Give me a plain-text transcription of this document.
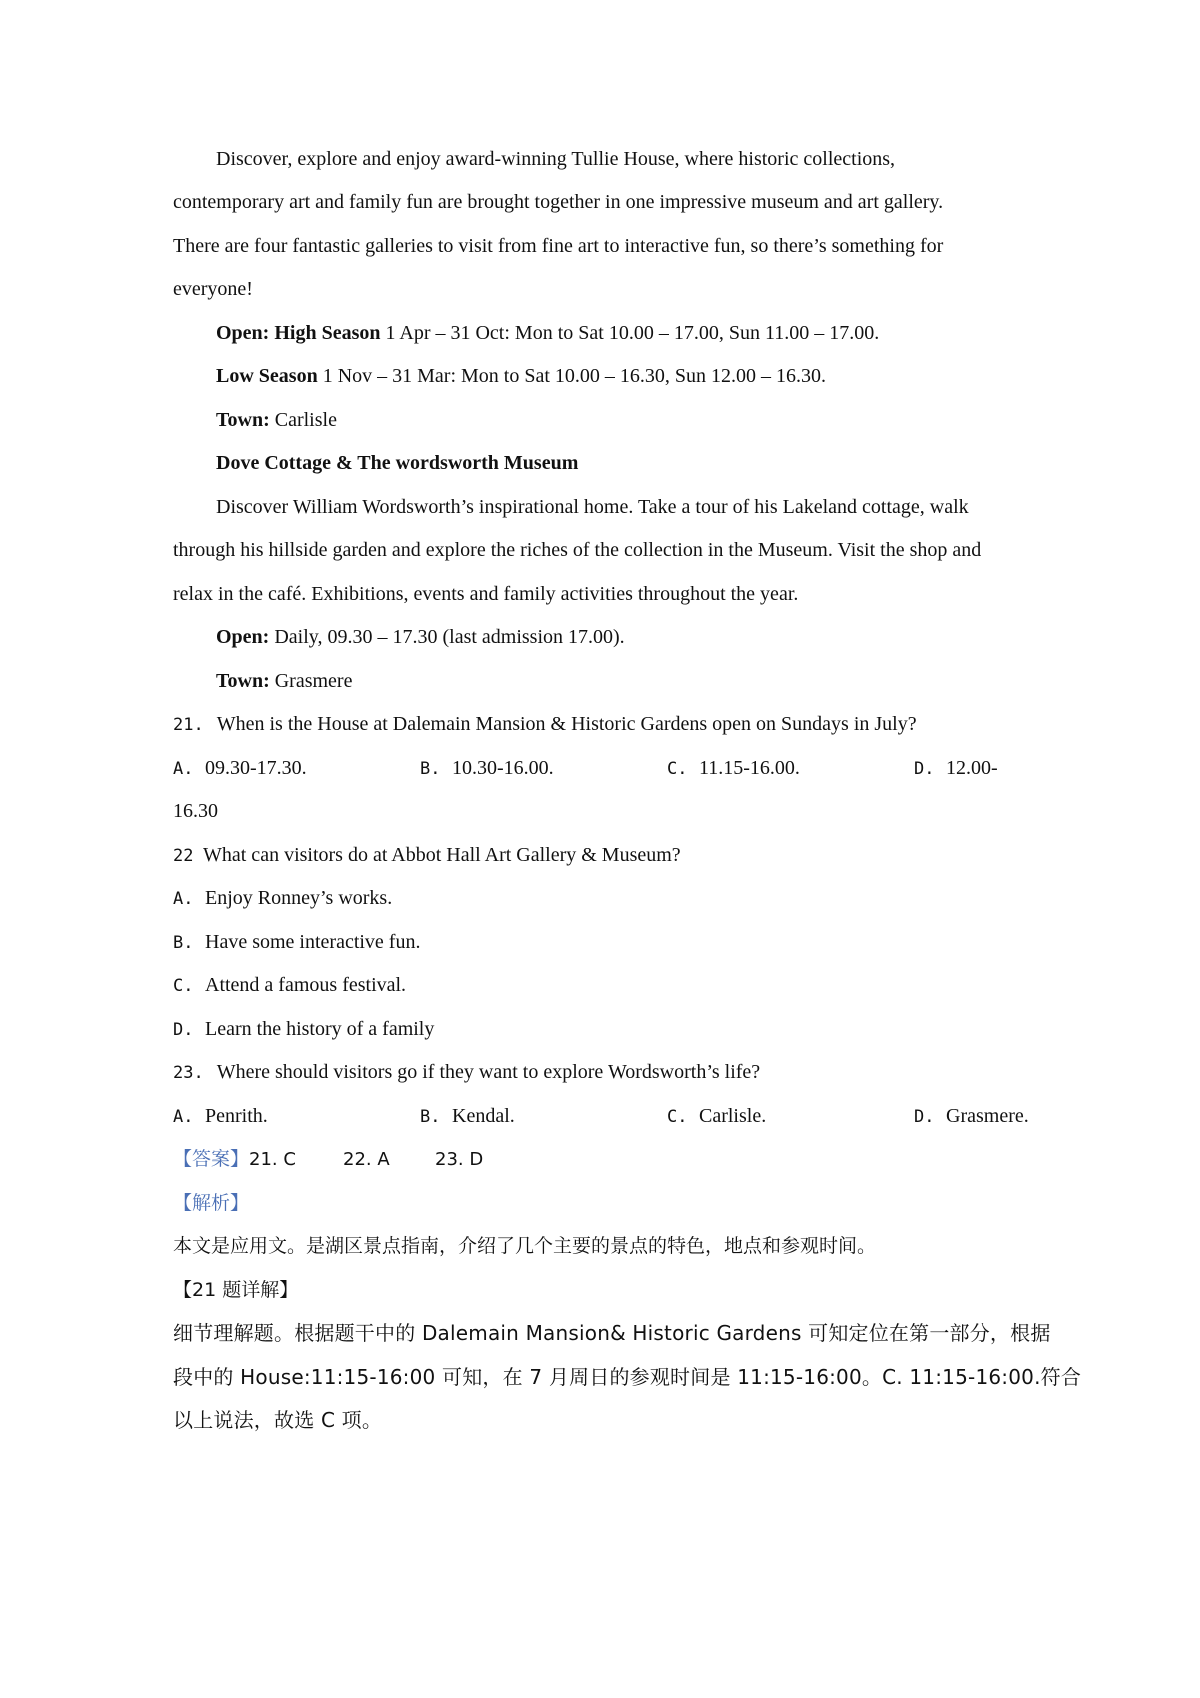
Discover, explore and enjoy award-winning Tullie House, where historic collections,
contemporary art and family fun are brought together in one impressive museum and art gallery.
There are four fantastic galleries to visit from fine art to interactive fun, so there’s something for
everyone!
Open: High Season 1 Apr – 31 Oct: Mon to Sat 10.00 – 17.00, Sun 11.00 – 17.00.
Low Season 1 Nov – 31 Mar: Mon to Sat 10.00 – 16.30, Sun 12.00 – 16.30.
Town: Carlisle
Dove Cottage & The wordsworth Museum
Discover William Wordsworth’s inspirational home. Take a tour of his Lakeland cottage, walk
through his hillside garden and explore the riches of the collection in the Museum. Visit the shop and
relax in the café. Exhibitions, events and family activities throughout the year.
Open: Daily, 09.30 – 17.30 (last admission 17.00).
Town: Grasmere
21. When is the House at Dalemain Mansion & Historic Gardens open on Sundays in July?
A. 09.30-17.30.	B. 10.30-16.00.	C. 11.15-16.00.	D. 12.00-
16.30
22 What can visitors do at Abbot Hall Art Gallery & Museum?
A. Enjoy Ronney’s works.
B. Have some interactive fun.
C. Attend a famous festival.
D. Learn the history of a family
23. Where should visitors go if they want to explore Wordsworth’s life?
A. Penrith.	B. Kendal.	C. Carlisle.	D. Grasmere.
【答案】21. C	22. A	23. D
【解析】
本文是应用文。是湖区景点指南，介绍了几个主要的景点的特色，地点和参观时间。
【21 题详解】
细节理解题。根据题干中的 Dalemain Mansion& Historic Gardens 可知定位在第一部分，根据
段中的 House:11:15-16:00 可知，在 7 月周日的参观时间是 11:15-16:00。C. 11:15-16:00.符合
以上说法，故选 C 项。
